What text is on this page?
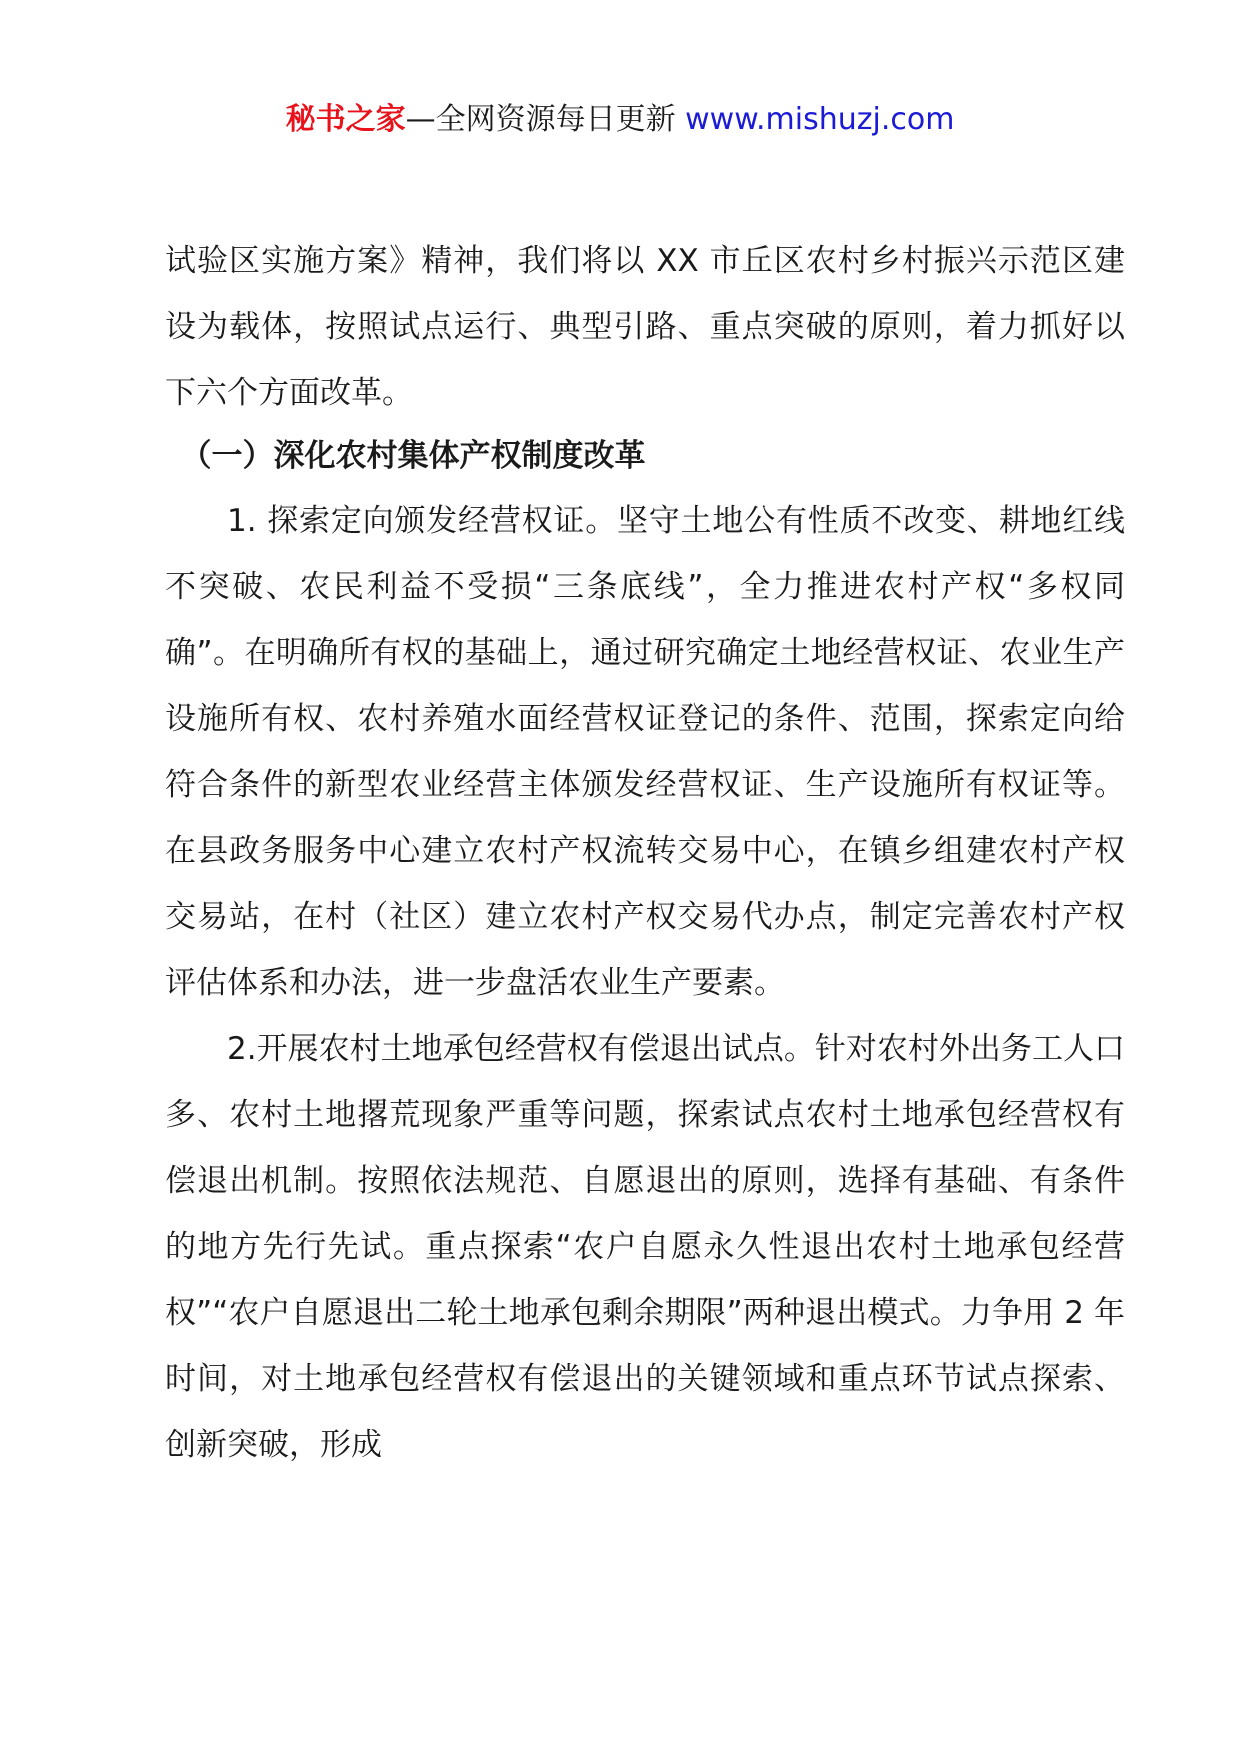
秘书之家—全网资源每日更新 www.mishuzj.com

试验区实施方案》精神，我们将以 XX 市丘区农村乡村振兴示范区建设为载体，按照试点运行、典型引路、重点突破的原则，着力抓好以下六个方面改革。

（一）深化农村集体产权制度改革

1. 探索定向颁发经营权证。坚守土地公有性质不改变、耕地红线不突破、农民利益不受损“三条底线”，全力推进农村产权“多权同确”。在明确所有权的基础上，通过研究确定土地经营权证、农业生产设施所有权、农村养殖水面经营权证登记的条件、范围，探索定向给符合条件的新型农业经营主体颁发经营权证、生产设施所有权证等。在县政务服务中心建立农村产权流转交易中心，在镇乡组建农村产权交易站，在村（社区）建立农村产权交易代办点，制定完善农村产权评估体系和办法，进一步盘活农业生产要素。

2.开展农村土地承包经营权有偿退出试点。针对农村外出务工人口多、农村土地撂荒现象严重等问题，探索试点农村土地承包经营权有偿退出机制。按照依法规范、自愿退出的原则，选择有基础、有条件的地方先行先试。重点探索“农户自愿永久性退出农村土地承包经营权”“农户自愿退出二轮土地承包剩余期限”两种退出模式。力争用 2 年时间，对土地承包经营权有偿退出的关键领域和重点环节试点探索、创新突破，形成
